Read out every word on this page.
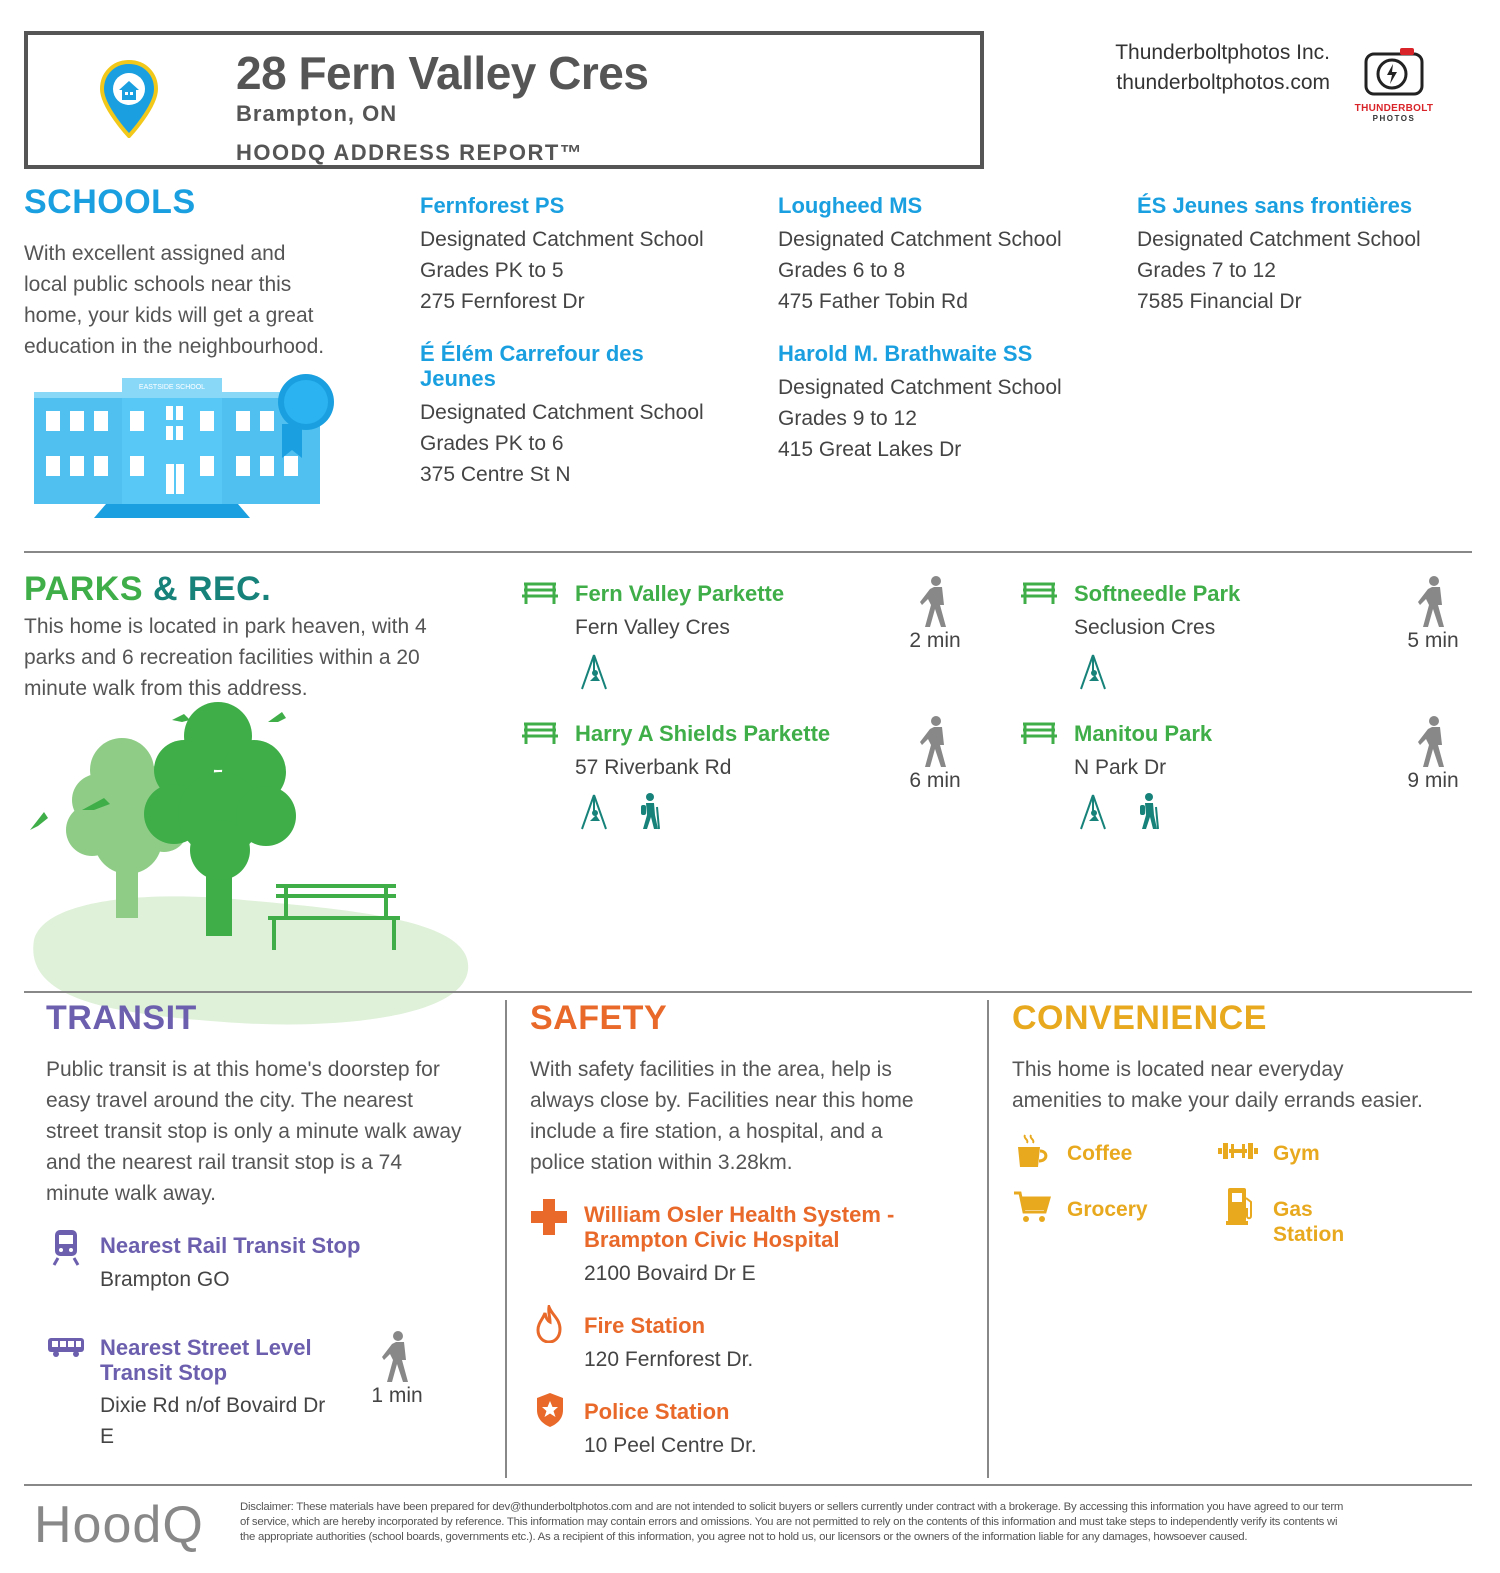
28 Fern Valley Cres
Brampton, ON
HOODQ ADDRESS REPORT™
Thunderboltphotos Inc.
thunderboltphotos.com
THUNDERBOLT
PHOTOS
SCHOOLS
With excellent assigned and
local public schools near this
home, your kids will get a great
education in the neighbourhood.
EASTSIDE SCHOOL
Fernforest PS
Designated Catchment School
Grades PK to 5
275 Fernforest Dr
Lougheed MS
Designated Catchment School
Grades 6 to 8
475 Father Tobin Rd
ÉS Jeunes sans frontières
Designated Catchment School
Grades 7 to 12
7585 Financial Dr
É Élém Carrefour des Jeunes
Designated Catchment School
Grades PK to 6
375 Centre St N
Harold M. Brathwaite SS
Designated Catchment School
Grades 9 to 12
415 Great Lakes Dr
PARKS & REC.
This home is located in park heaven, with 4
parks and 6 recreation facilities within a 20
minute walk from this address.
Fern Valley Parkette
Fern Valley Cres
2 min
Softneedle Park
Seclusion Cres
5 min
Harry A Shields Parkette
57 Riverbank Rd
6 min
Manitou Park
N Park Dr
9 min
TRANSIT
Public transit is at this home's doorstep for
easy travel around the city. The nearest
street transit stop is only a minute walk away
and the nearest rail transit stop is a 74
minute walk away.
Nearest Rail Transit Stop
Brampton GO
Nearest Street Level
Transit Stop
Dixie Rd n/of Bovaird Dr
E
1 min
SAFETY
With safety facilities in the area, help is
always close by. Facilities near this home
include a fire station, a hospital, and a
police station within 3.28km.
William Osler Health System -
Brampton Civic Hospital
2100 Bovaird Dr E
Fire Station
120 Fernforest Dr.
Police Station
10 Peel Centre Dr.
CONVENIENCE
This home is located near everyday
amenities to make your daily errands easier.
Coffee	Gym
Grocery	Gas
Station
HoodQ	Disclaimer: These materials have been prepared for dev@thunderboltphotos.com and are not intended to solicit buyers or sellers currently under contract with a brokerage. By accessing this information you have agreed to our term
of service, which are hereby incorporated by reference. This information may contain errors and omissions. You are not permitted to rely on the contents of this information and must take steps to independently verify its contents wi
the appropriate authorities (school boards, governments etc.). As a recipient of this information, you agree not to hold us, our licensors or the owners of the information liable for any damages, howsoever caused.
